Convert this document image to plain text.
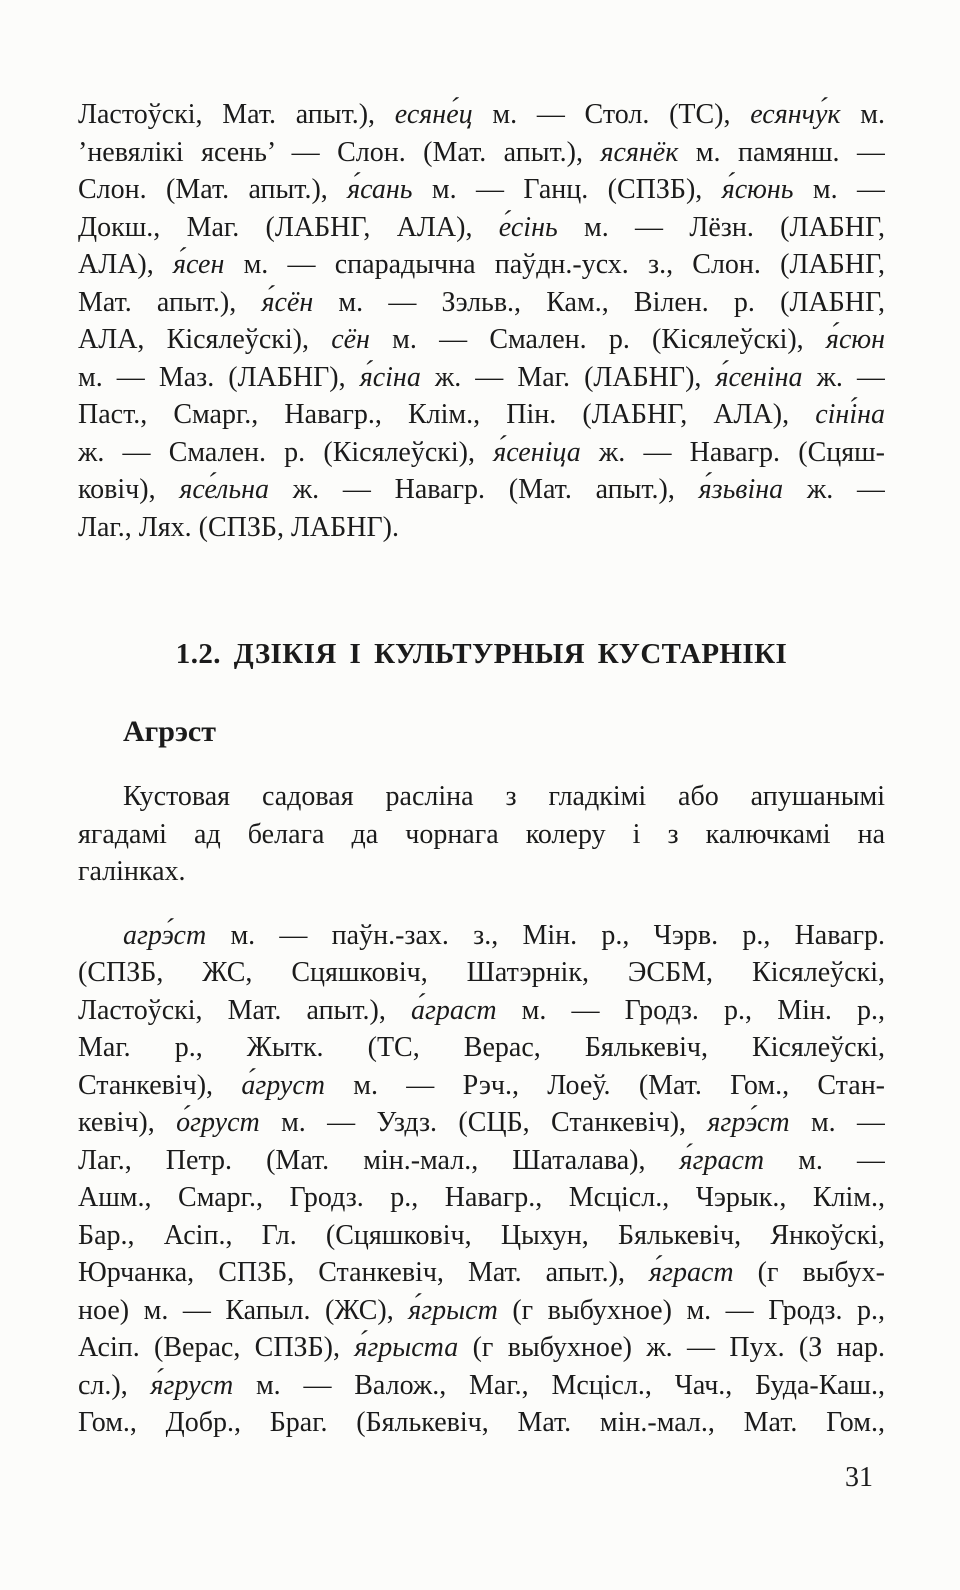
Ластоўскі, Мат. апыт.), есяне́ц м. — Стол. (ТС), есянчу́к м.
’невялікі ясень’ — Слон. (Мат. апыт.), ясянёк м. памянш. —
Слон. (Мат. апыт.), я́сань м. — Ганц. (СПЗБ), я́сюнь м. —
Докш., Маг. (ЛАБНГ, АЛА), е́сінь м. — Лёзн. (ЛАБНГ,
АЛА), я́сен м. — спарадычна паўдн.-усх. з., Слон. (ЛАБНГ,
Мат. апыт.), я́сён м. — Зэльв., Кам., Вілен. р. (ЛАБНГ,
АЛА, Кісялеўскі), сён м. — Смален. р. (Кісялеўскі), я́сюн
м. — Маз. (ЛАБНГ), я́сіна ж. — Маг. (ЛАБНГ), я́сеніна ж. —
Паст., Смарг., Навагр., Клім., Пін. (ЛАБНГ, АЛА), сіні́на
ж. — Смален. р. (Кісялеўскі), я́сеніца ж. — Навагр. (Сцяш-
ковіч), ясе́льна ж. — Навагр. (Мат. апыт.), я́зьвіна ж. —
Лаг., Лях. (СПЗБ, ЛАБНГ).
1.2. ДЗІКІЯ І КУЛЬТУРНЫЯ КУСТАРНІКІ
Агрэст
Кустовая садовая расліна з гладкімі або апушанымі
ягадамі ад белага да чорнага колеру і з калючкамі на
галінках.
агрэ́ст м. — паўн.-зах. з., Мін. р., Чэрв. р., Навагр.
(СПЗБ, ЖС, Сцяшковіч, Шатэрнік, ЭСБМ, Кісялеўскі,
Ластоўскі, Мат. апыт.), а́граст м. — Гродз. р., Мін. р.,
Маг. р., Жытк. (ТС, Верас, Бялькевіч, Кісялеўскі,
Станкевіч), а́груст м. — Рэч., Лоеў. (Мат. Гом., Стан-
кевіч), о́груст м. — Уздз. (СЦБ, Станкевіч), ягрэ́ст м. —
Лаг., Петр. (Мат. мін.-мал., Шаталава), я́граст м. —
Ашм., Смарг., Гродз. р., Навагр., Мсцісл., Чэрык., Клім.,
Бар., Асіп., Гл. (Сцяшковіч, Цыхун, Бялькевіч, Янкоўскі,
Юрчанка, СПЗБ, Станкевіч, Мат. апыт.), я́граст (г выбух-
ное) м. — Капыл. (ЖС), я́грыст (г выбухное) м. — Гродз. р.,
Асіп. (Верас, СПЗБ), я́грыста (г выбухное) ж. — Пух. (З нар.
сл.), я́груст м. — Валож., Маг., Мсцісл., Чач., Буда-Каш.,
Гом., Добр., Браг. (Бялькевіч, Мат. мін.-мал., Мат. Гом.,
31
